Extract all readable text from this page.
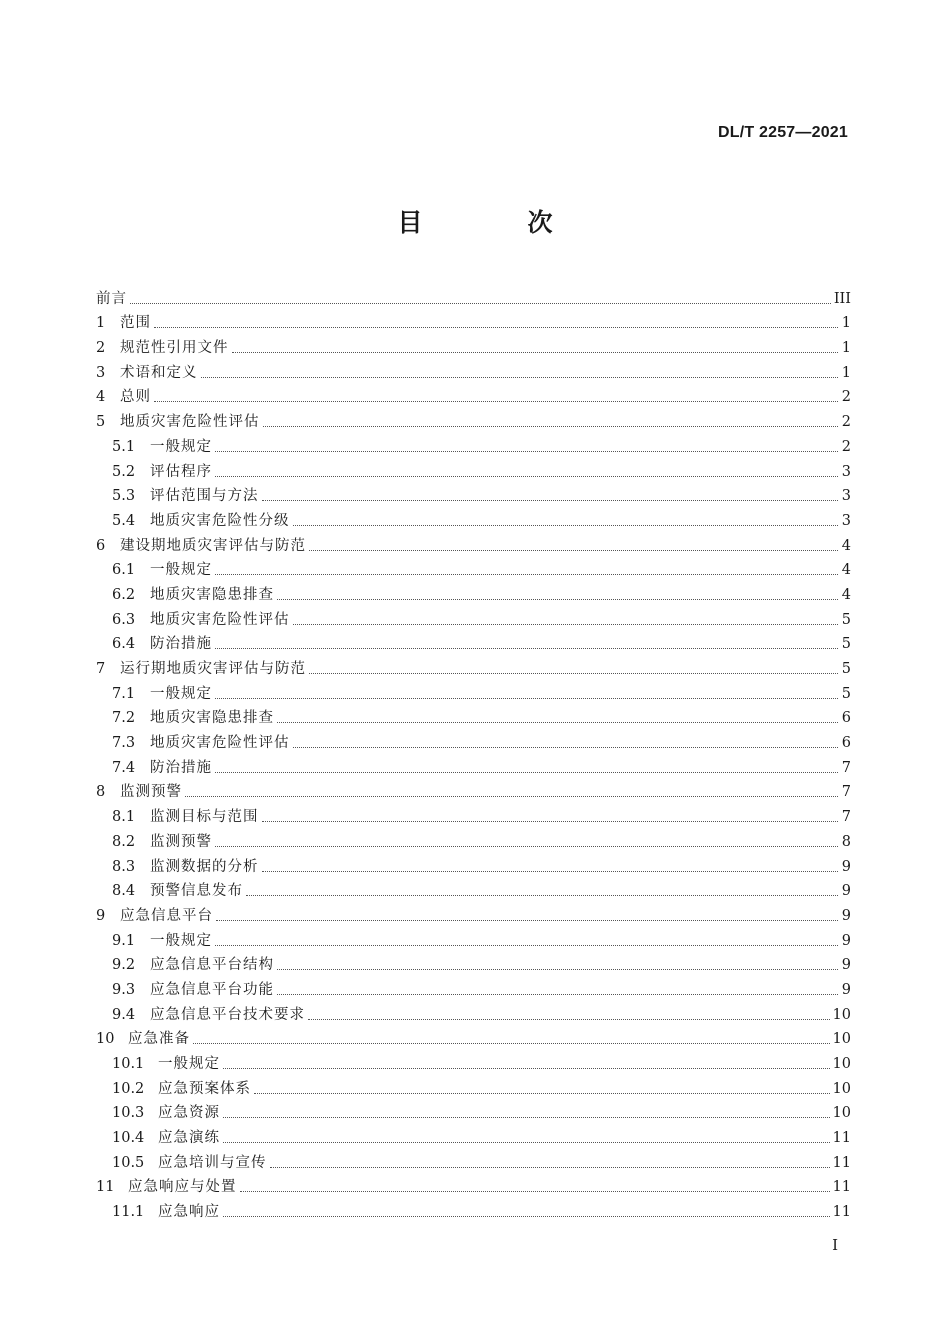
DL/T 2257—2021
目　次
前言	III
1	范围	1
2	规范性引用文件	1
3	术语和定义	1
4	总则	2
5	地质灾害危险性评估	2
5.1	一般规定	2
5.2	评估程序	3
5.3	评估范围与方法	3
5.4	地质灾害危险性分级	3
6	建设期地质灾害评估与防范	4
6.1	一般规定	4
6.2	地质灾害隐患排查	4
6.3	地质灾害危险性评估	5
6.4	防治措施	5
7	运行期地质灾害评估与防范	5
7.1	一般规定	5
7.2	地质灾害隐患排查	6
7.3	地质灾害危险性评估	6
7.4	防治措施	7
8	监测预警	7
8.1	监测目标与范围	7
8.2	监测预警	8
8.3	监测数据的分析	9
8.4	预警信息发布	9
9	应急信息平台	9
9.1	一般规定	9
9.2	应急信息平台结构	9
9.3	应急信息平台功能	9
9.4	应急信息平台技术要求	10
10 应急准备	10
10.1 一般规定	10
10.2 应急预案体系	10
10.3 应急资源	10
10.4 应急演练	11
10.5 应急培训与宣传	11
11 应急响应与处置	11
11.1 应急响应	11
I
